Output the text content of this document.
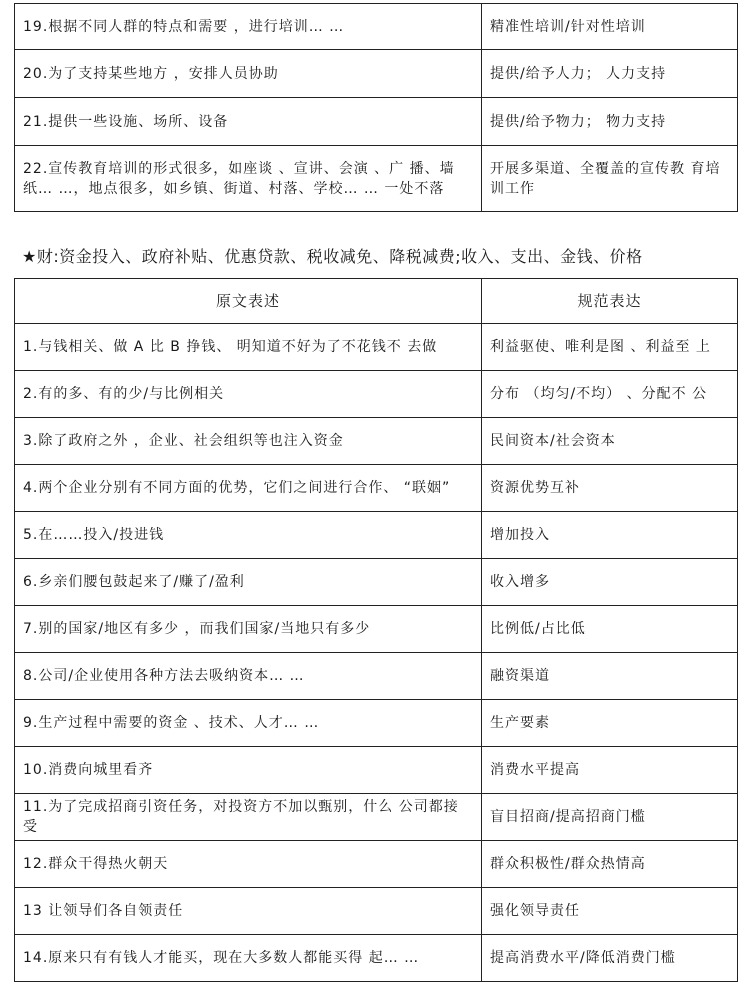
19.根据不同人群的特点和需要 ，进行培训… …	精准性培训/针对性培训
20.为了支持某些地方 ，安排人员协助	提供/给予人力； 人力支持
21.提供一些设施、场所、设备	提供/给予物力； 物力支持
22.宣传教育培训的形式很多，如座谈 、宣讲、会演 、广 播、墙纸… …，地点很多，如乡镇、街道、村落、学校… … 一处不落	开展多渠道、全覆盖的宣传教 育培训工作
★财:资金投入、政府补贴、优惠贷款、税收减免、降税减费;收入、支出、金钱、价格
原文表述	规范表达
1.与钱相关、做 A 比 B 挣钱、 明知道不好为了不花钱不 去做	利益驱使、唯利是图 、利益至 上
2.有的多、有的少/与比例相关	分布 （均匀/不均） 、分配不 公
3.除了政府之外 ，企业、社会组织等也注入资金	民间资本/社会资本
4.两个企业分别有不同方面的优势，它们之间进行合作、 “联姻”	资源优势互补
5.在……投入/投进钱	增加投入
6.乡亲们腰包鼓起来了/赚了/盈利	收入增多
7.别的国家/地区有多少 ，而我们国家/当地只有多少	比例低/占比低
8.公司/企业使用各种方法去吸纳资本… …	融资渠道
9.生产过程中需要的资金 、技术、人才… …	生产要素
10.消费向城里看齐	消费水平提高
11.为了完成招商引资任务，对投资方不加以甄别，什么 公司都接受	盲目招商/提高招商门槛
12.群众干得热火朝天	群众积极性/群众热情高
13 让领导们各自领责任	强化领导责任
14.原来只有有钱人才能买，现在大多数人都能买得 起… …	提高消费水平/降低消费门槛
